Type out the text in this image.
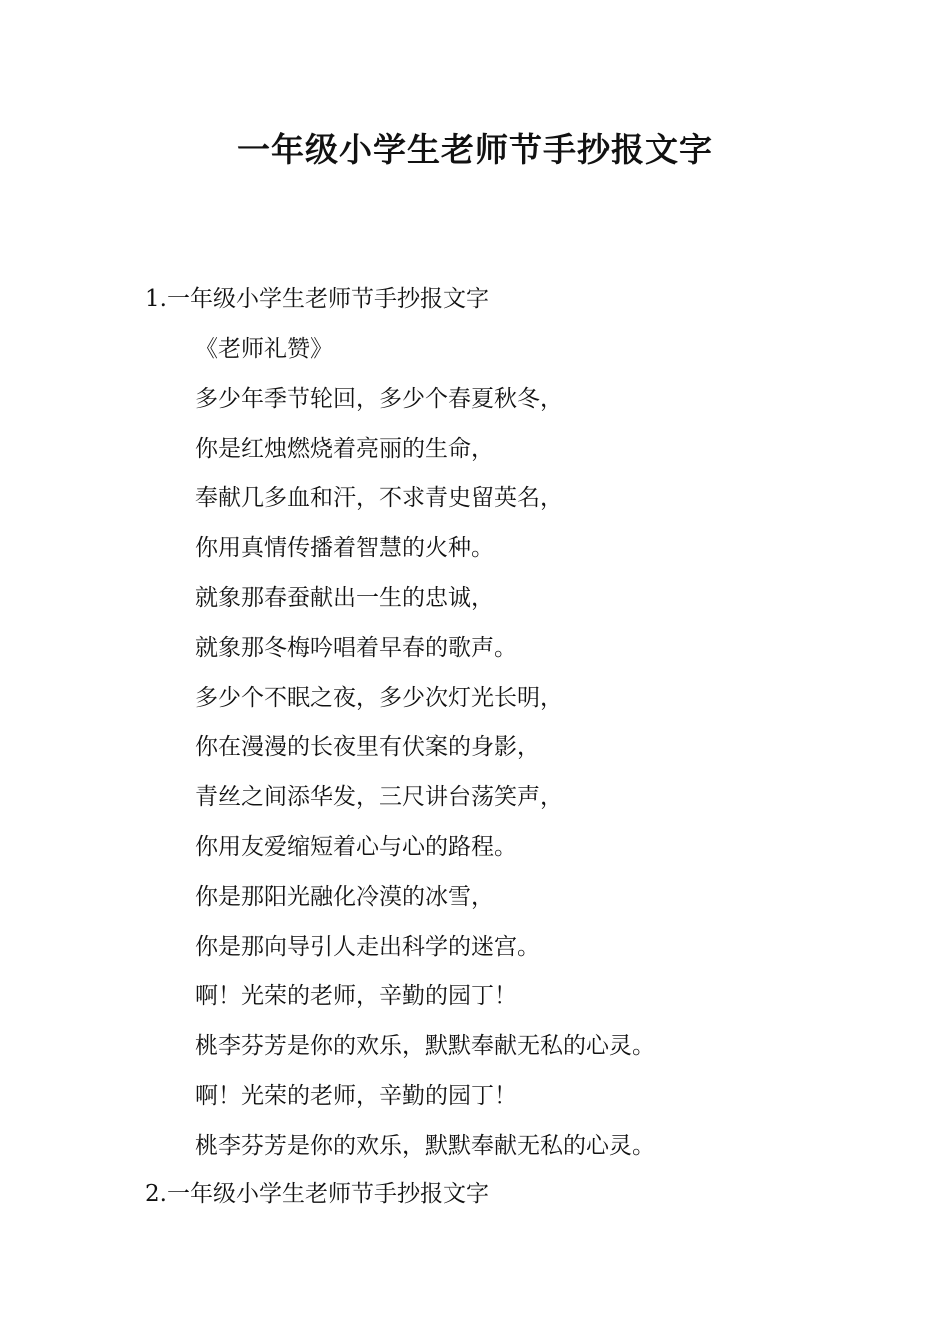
一年级小学生老师节手抄报文字
1.一年级小学生老师节手抄报文字
《老师礼赞》
多少年季节轮回，多少个春夏秋冬，
你是红烛燃烧着亮丽的生命，
奉献几多血和汗，不求青史留英名，
你用真情传播着智慧的火种。
就象那春蚕献出一生的忠诚，
就象那冬梅吟唱着早春的歌声。
多少个不眠之夜，多少次灯光长明，
你在漫漫的长夜里有伏案的身影，
青丝之间添华发，三尺讲台荡笑声，
你用友爱缩短着心与心的路程。
你是那阳光融化冷漠的冰雪，
你是那向导引人走出科学的迷宫。
啊！光荣的老师，辛勤的园丁！
桃李芬芳是你的欢乐，默默奉献无私的心灵。
啊！光荣的老师，辛勤的园丁！
桃李芬芳是你的欢乐，默默奉献无私的心灵。
2.一年级小学生老师节手抄报文字
